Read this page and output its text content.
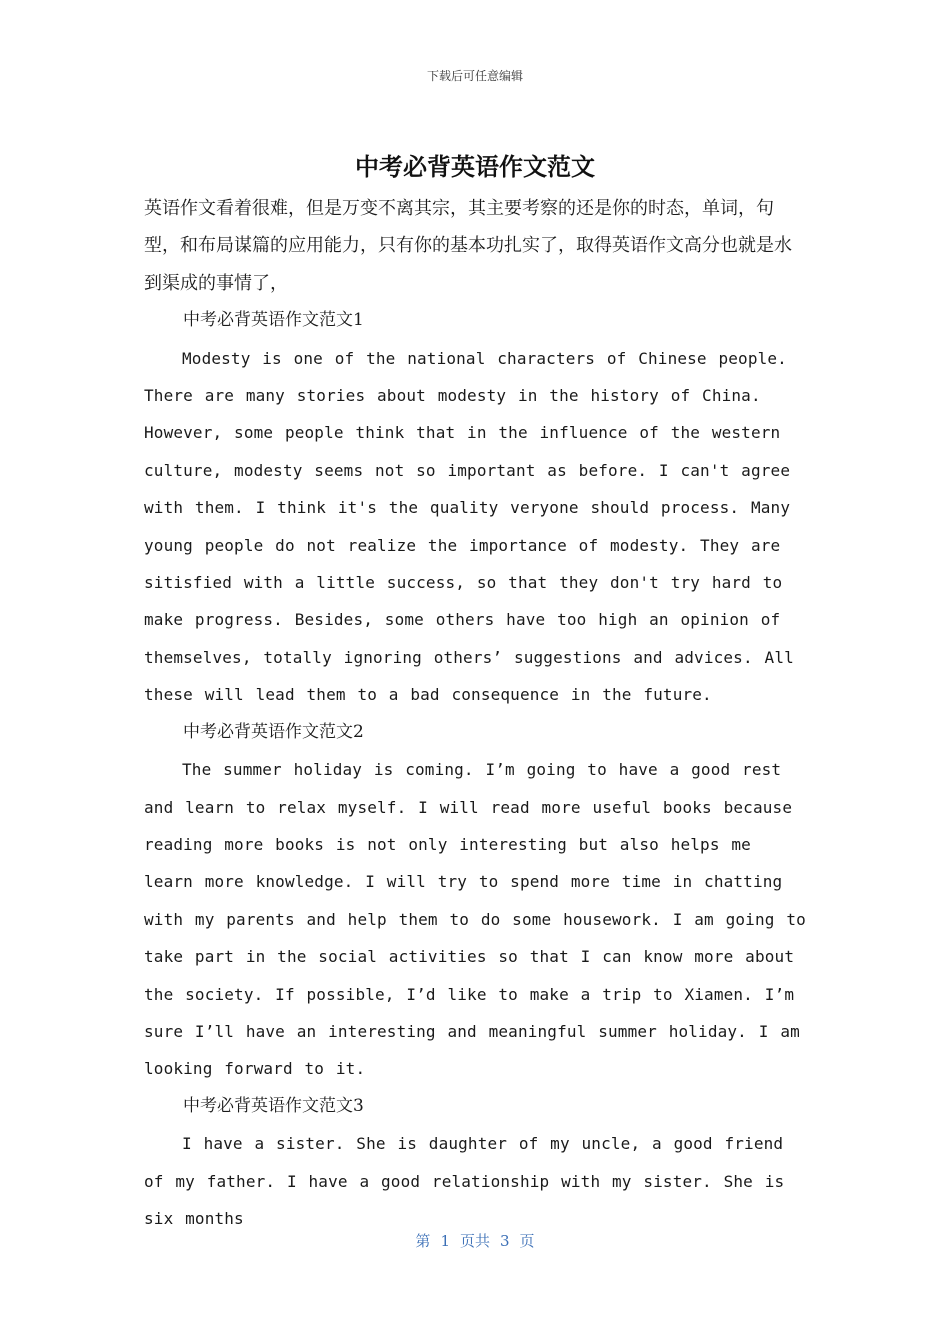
下载后可任意编辑
中考必背英语作文范文

英语作文看着很难，但是万变不离其宗，其主要考察的还是你的时态，单词，句型，和布局谋篇的应用能力，只有你的基本功扎实了，取得英语作文高分也就是水到渠成的事情了，

中考必背英语作文范文1

Modesty is one of the national characters of Chinese people. There are many stories about modesty in the history of China. However, some people think that in the influence of the western culture, modesty seems not so important as before. I can't agree with them. I think it's the quality veryone should process. Many young people do not realize the importance of modesty. They are sitisfied with a little success, so that they don't try hard to make progress. Besides, some others have too high an opinion of themselves, totally ignoring others’ suggestions and advices. All these will lead them to a bad consequence in the future.

中考必背英语作文范文2

The summer holiday is coming. I’m going to have a good rest and learn to relax myself. I will read more useful books because reading more books is not only interesting but also helps me learn more knowledge. I will try to spend more time in chatting with my parents and help them to do some housework. I am going to take part in the social activities so that I can know more about the society. If possible, I’d like to make a trip to Xiamen. I’m sure I’ll have an interesting and meaningful summer holiday. I am looking forward to it.

中考必背英语作文范文3

I have a sister. She is daughter of my uncle, a good friend of my father. I have a good relationship with my sister. She is six months

第 1 页共 3 页
